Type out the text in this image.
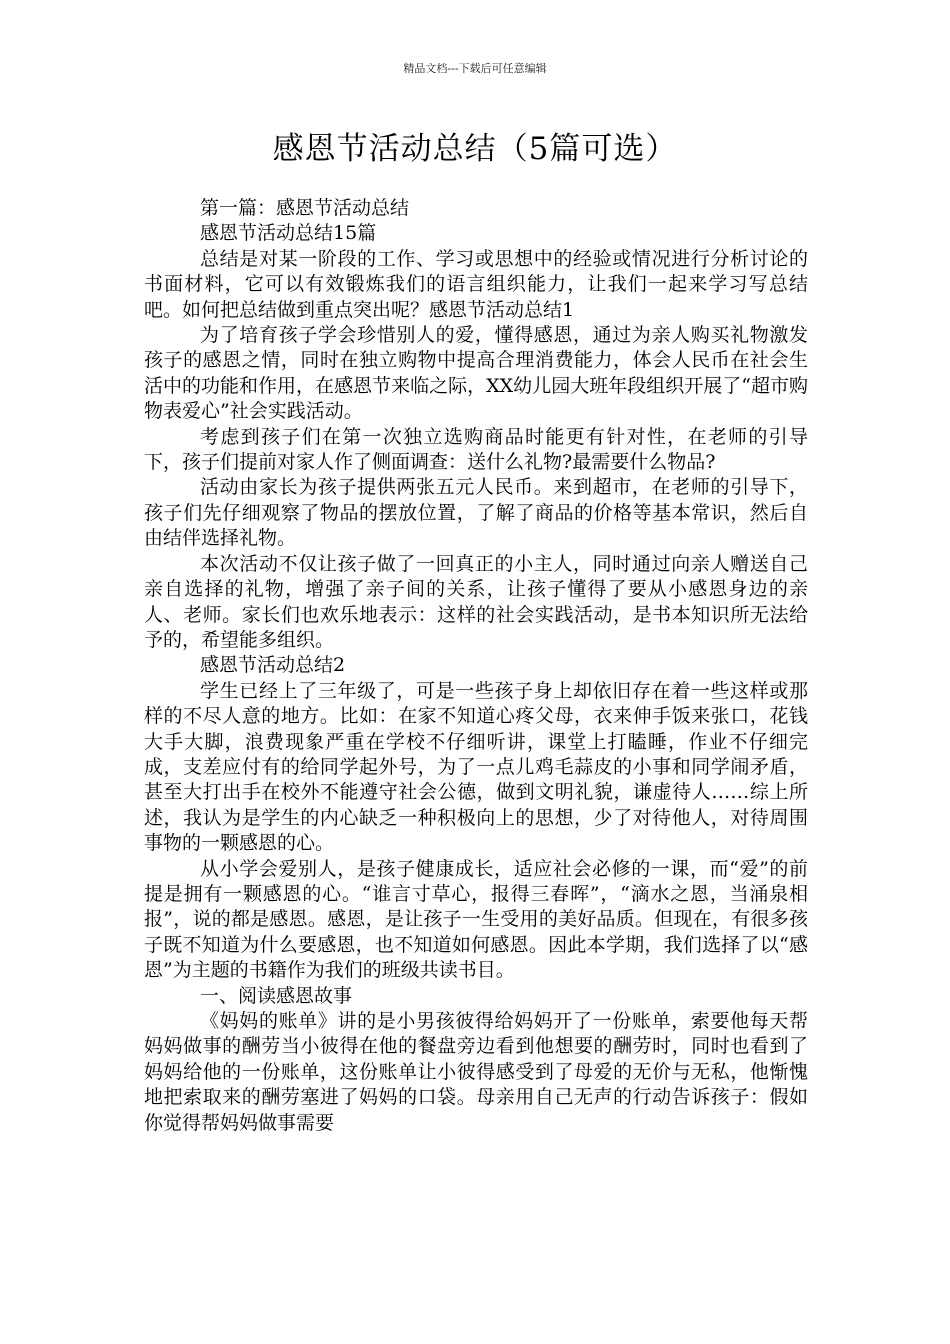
精品文档---下载后可任意编辑
感恩节活动总结（5篇可选）

第一篇：感恩节活动总结

感恩节活动总结15篇

总结是对某一阶段的工作、学习或思想中的经验或情况进行分析讨论的书面材料，它可以有效锻炼我们的语言组织能力，让我们一起来学习写总结吧。如何把总结做到重点突出呢？感恩节活动总结1

为了培育孩子学会珍惜别人的爱，懂得感恩，通过为亲人购买礼物激发孩子的感恩之情，同时在独立购物中提高合理消费能力，体会人民币在社会生活中的功能和作用，在感恩节来临之际，XX幼儿园大班年段组织开展了“超市购物表爱心”社会实践活动。

考虑到孩子们在第一次独立选购商品时能更有针对性，在老师的引导下，孩子们提前对家人作了侧面调查：送什么礼物?最需要什么物品?

活动由家长为孩子提供两张五元人民币。来到超市，在老师的引导下，孩子们先仔细观察了物品的摆放位置，了解了商品的价格等基本常识，然后自由结伴选择礼物。

本次活动不仅让孩子做了一回真正的小主人，同时通过向亲人赠送自己亲自选择的礼物，增强了亲子间的关系，让孩子懂得了要从小感恩身边的亲人、老师。家长们也欢乐地表示：这样的社会实践活动，是书本知识所无法给予的，希望能多组织。

感恩节活动总结2

学生已经上了三年级了，可是一些孩子身上却依旧存在着一些这样或那样的不尽人意的地方。比如：在家不知道心疼父母，衣来伸手饭来张口，花钱大手大脚，浪费现象严重在学校不仔细听讲，课堂上打瞌睡，作业不仔细完成，支差应付有的给同学起外号，为了一点儿鸡毛蒜皮的小事和同学闹矛盾，甚至大打出手在校外不能遵守社会公德，做到文明礼貌，谦虚待人……综上所述，我认为是学生的内心缺乏一种积极向上的思想，少了对待他人，对待周围事物的一颗感恩的心。

从小学会爱别人，是孩子健康成长，适应社会必修的一课，而“爱”的前提是拥有一颗感恩的心。“谁言寸草心，报得三春晖”，“滴水之恩，当涌泉相报”，说的都是感恩。感恩，是让孩子一生受用的美好品质。但现在，有很多孩子既不知道为什么要感恩，也不知道如何感恩。因此本学期，我们选择了以“感恩”为主题的书籍作为我们的班级共读书目。

一、阅读感恩故事

《妈妈的账单》讲的是小男孩彼得给妈妈开了一份账单，索要他每天帮妈妈做事的酬劳当小彼得在他的餐盘旁边看到他想要的酬劳时，同时也看到了妈妈给他的一份账单，这份账单让小彼得感受到了母爱的无价与无私，他惭愧地把索取来的酬劳塞进了妈妈的口袋。母亲用自己无声的行动告诉孩子：假如你觉得帮妈妈做事需要
